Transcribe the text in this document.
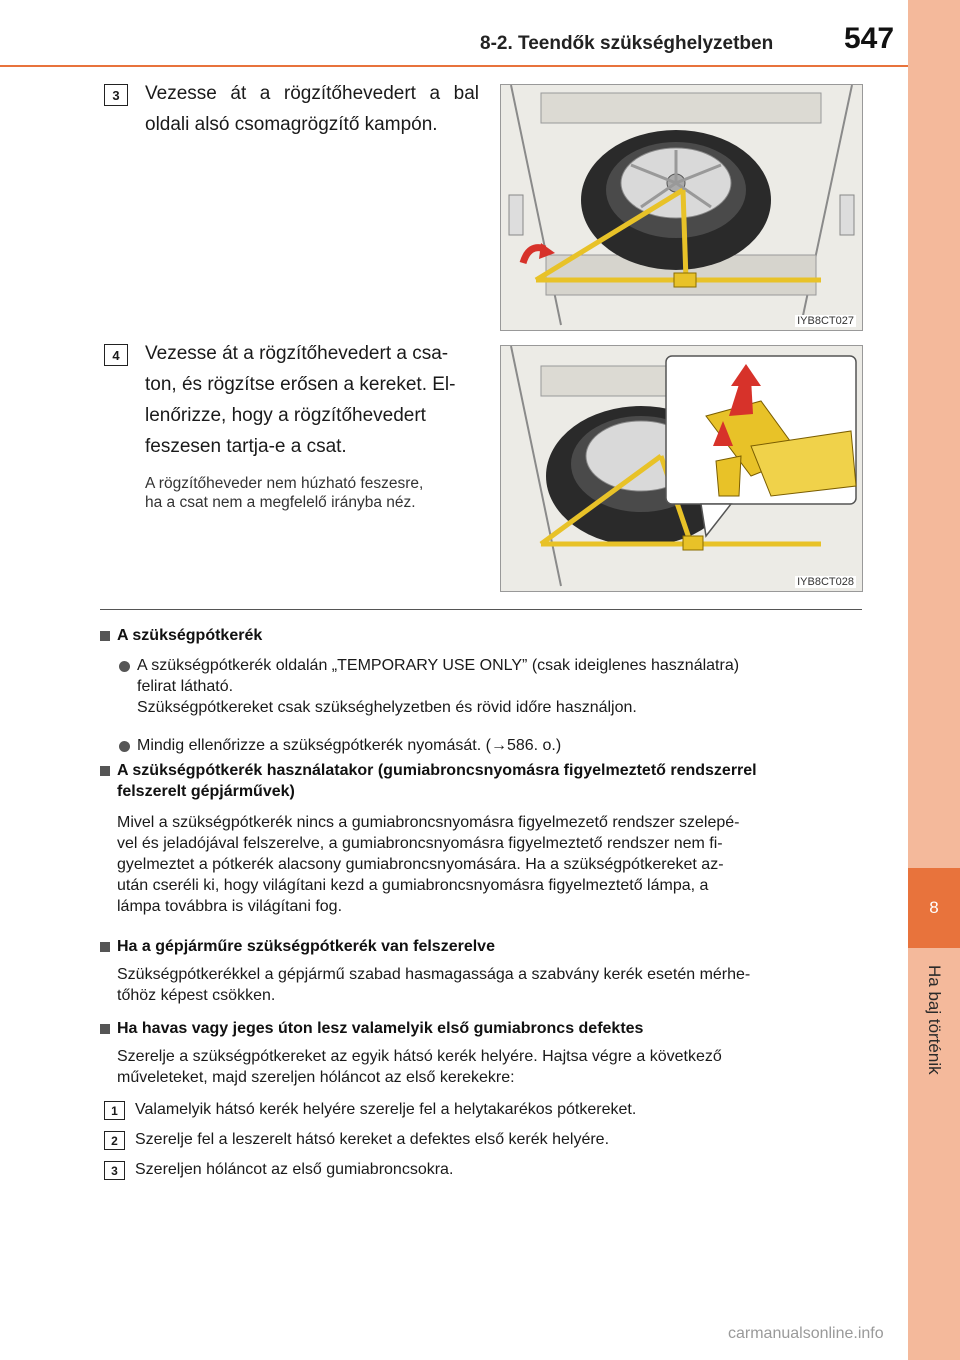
8-2. Teendők szükséghelyzetben 547
8
Ha baj történik
3	Vezesse át a rögzítőhevedert a bal oldali alsó csomagrögzítő kampón.
IYB8CT027
4	Vezesse át a rögzítőhevedert a csa-
ton, és rögzítse erősen a kereket. El-
lenőrizze, hogy a rögzítőhevedert
feszesen tartja-e a csat.
A rögzítőheveder nem húzható feszesre,
ha a csat nem a megfelelő irányba néz.
IYB8CT028
A szükségpótkerék
A szükségpótkerék oldalán „TEMPORARY USE ONLY” (csak ideiglenes használatra)
felirat látható.
Szükségpótkereket csak szükséghelyzetben és rövid időre használjon.
Mindig ellenőrizze a szükségpótkerék nyomását. (→586. o.)
A szükségpótkerék használatakor (gumiabroncsnyomásra figyelmeztető rendszerrel
felszerelt gépjárművek)
Mivel a szükségpótkerék nincs a gumiabroncsnyomásra figyelmezető rendszer szelepé-
vel és jeladójával felszerelve, a gumiabroncsnyomásra figyelmeztető rendszer nem fi-
gyelmeztet a pótkerék alacsony gumiabroncsnyomására. Ha a szükségpótkereket az-
után cseréli ki, hogy világítani kezd a gumiabroncsnyomásra figyelmeztető lámpa, a
lámpa továbbra is világítani fog.
Ha a gépjárműre szükségpótkerék van felszerelve
Szükségpótkerékkel a gépjármű szabad hasmagassága a szabvány kerék esetén mérhe-
tőhöz képest csökken.
Ha havas vagy jeges úton lesz valamelyik első gumiabroncs defektes
Szerelje a szükségpótkereket az egyik hátsó kerék helyére. Hajtsa végre a következő
műveleteket, majd szereljen hóláncot az első kerekekre:
1	Valamelyik hátsó kerék helyére szerelje fel a helytakarékos pótkereket.
2	Szerelje fel a leszerelt hátsó kereket a defektes első kerék helyére.
3	Szereljen hóláncot az első gumiabroncsokra.
carmanualsonline.info
